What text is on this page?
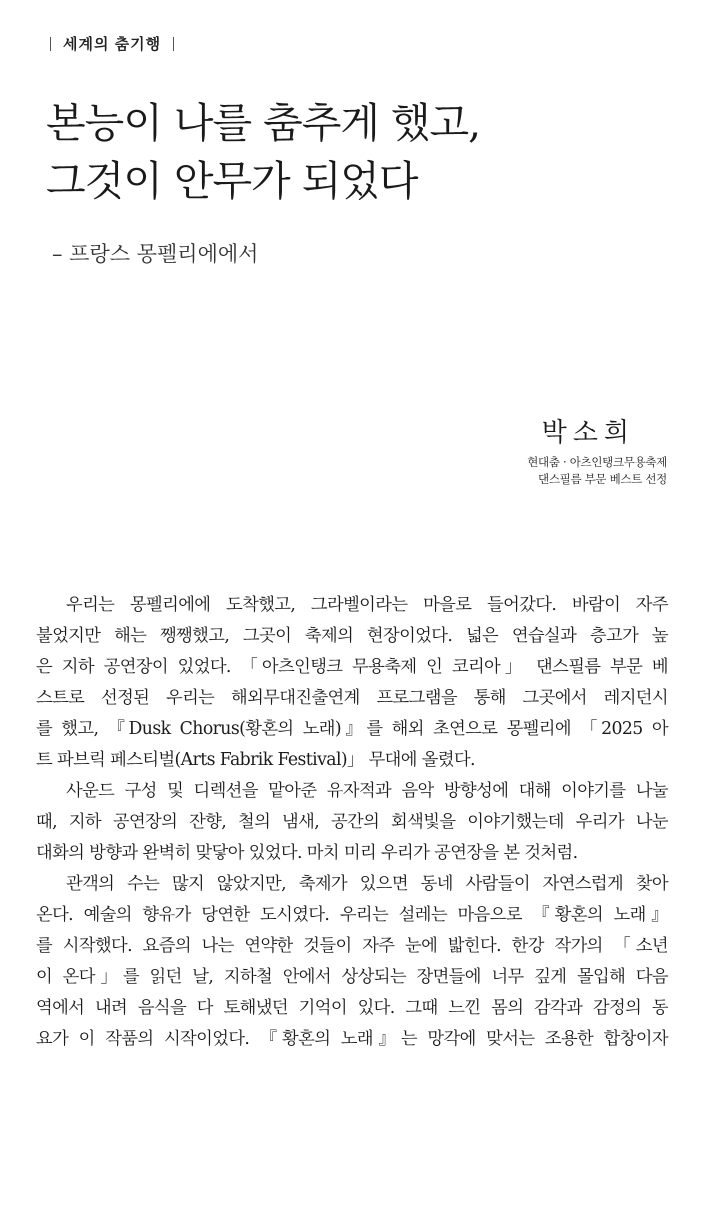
세계의 춤기행
본능이 나를 춤추게 했고,
그것이 안무가 되었다
– 프랑스 몽펠리에에서
박소희
현대춤 · 아츠인탱크무용축제
댄스필름 부문 베스트 선정
우리는 몽펠리에에 도착했고, 그라벨이라는 마을로 들어갔다. 바람이 자주
불었지만 해는 쨍쨍했고, 그곳이 축제의 현장이었다. 넓은 연습실과 층고가 높
은 지하 공연장이 있었다. 「아츠인탱크 무용축제 인 코리아」 댄스필름 부문 베
스트로 선정된 우리는 해외무대진출연계 프로그램을 통해 그곳에서 레지던시
를 했고, 『Dusk Chorus(황혼의 노래)』를 해외 초연으로 몽펠리에 「2025 아
트 파브릭 페스티벌(Arts Fabrik Festival)」 무대에 올렸다.
사운드 구성 및 디렉션을 맡아준 유자적과 음악 방향성에 대해 이야기를 나눌
때, 지하 공연장의 잔향, 철의 냄새, 공간의 회색빛을 이야기했는데 우리가 나눈
대화의 방향과 완벽히 맞닿아 있었다. 마치 미리 우리가 공연장을 본 것처럼.
관객의 수는 많지 않았지만, 축제가 있으면 동네 사람들이 자연스럽게 찾아
온다. 예술의 향유가 당연한 도시였다. 우리는 설레는 마음으로 『황혼의 노래』
를 시작했다. 요즘의 나는 연약한 것들이 자주 눈에 밟힌다. 한강 작가의 「소년
이 온다」를 읽던 날, 지하철 안에서 상상되는 장면들에 너무 깊게 몰입해 다음
역에서 내려 음식을 다 토해냈던 기억이 있다. 그때 느낀 몸의 감각과 감정의 동
요가 이 작품의 시작이었다. 『황혼의 노래』는 망각에 맞서는 조용한 합창이자
